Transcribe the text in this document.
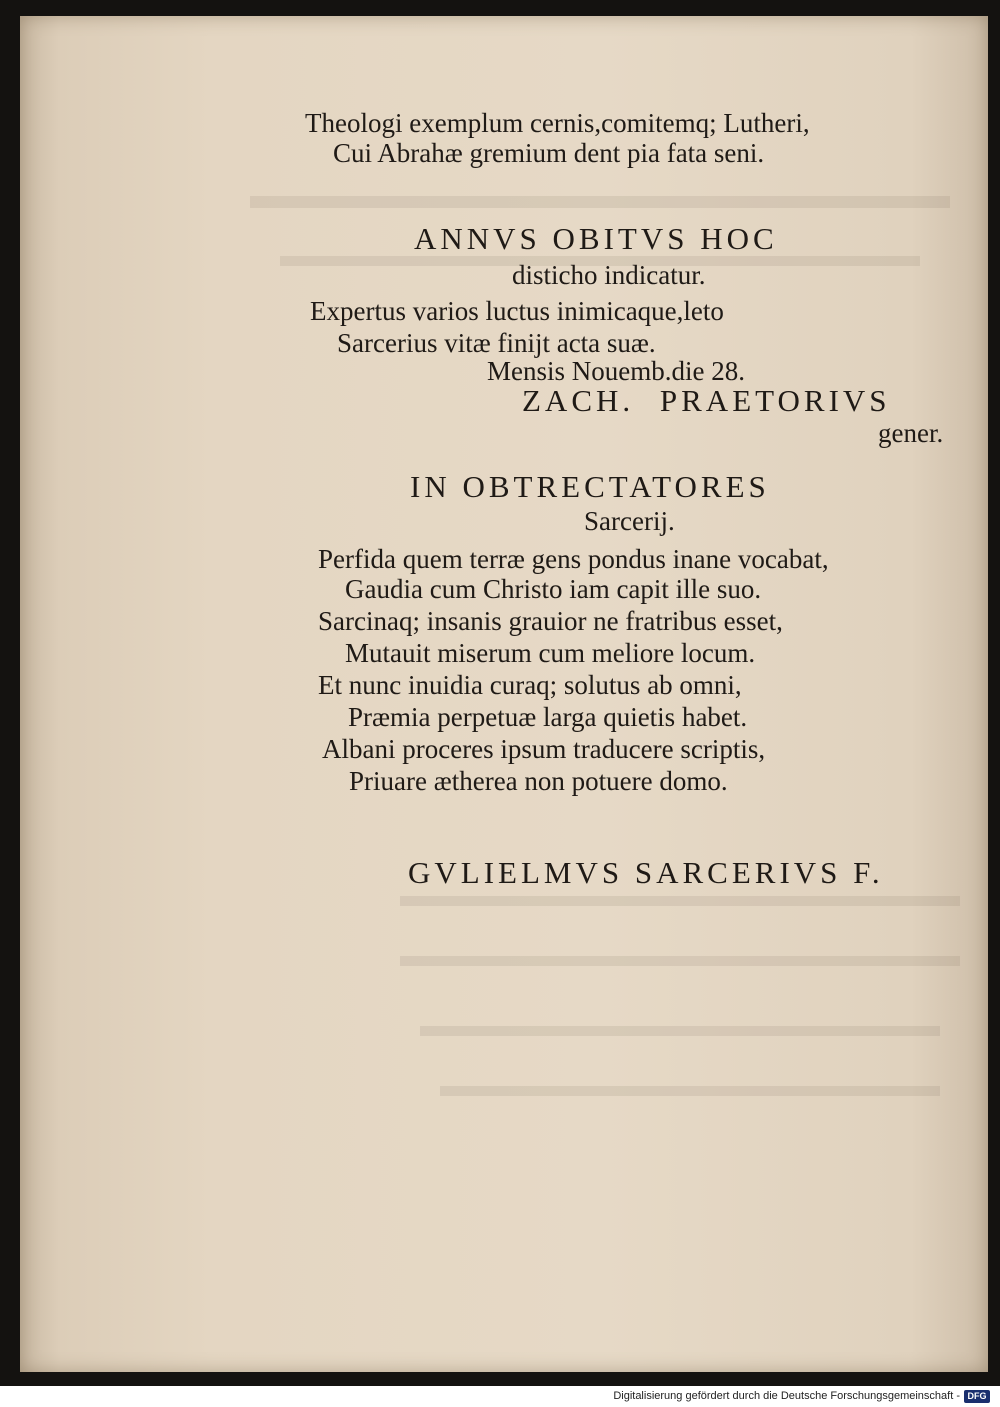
Theologi exemplum cernis,comitemq; Lutheri,
Cui Abrahæ gremium dent pia fata seni.
ANNVS OBITVS HOC
disticho indicatur.
Expertus varios luctus inimicaque,leto
Sarcerius vitæ finijt acta suæ.
Mensis Nouemb.die 28.
ZACH. PRAETORIVS
gener.
IN OBTRECTATORES
Sarcerij.
Perfida quem terræ gens pondus inane vocabat,
Gaudia cum Christo iam capit ille suo.
Sarcinaq; insanis grauior ne fratribus esset,
Mutauit miserum cum meliore locum.
Et nunc inuidia curaq; solutus ab omni,
Præmia perpetuæ larga quietis habet.
Albani proceres ipsum traducere scriptis,
Priuare ætherea non potuere domo.
GVLIELMVS SARCERIVS F.
Digitalisierung gefördert durch die Deutsche Forschungsgemeinschaft - DFG
